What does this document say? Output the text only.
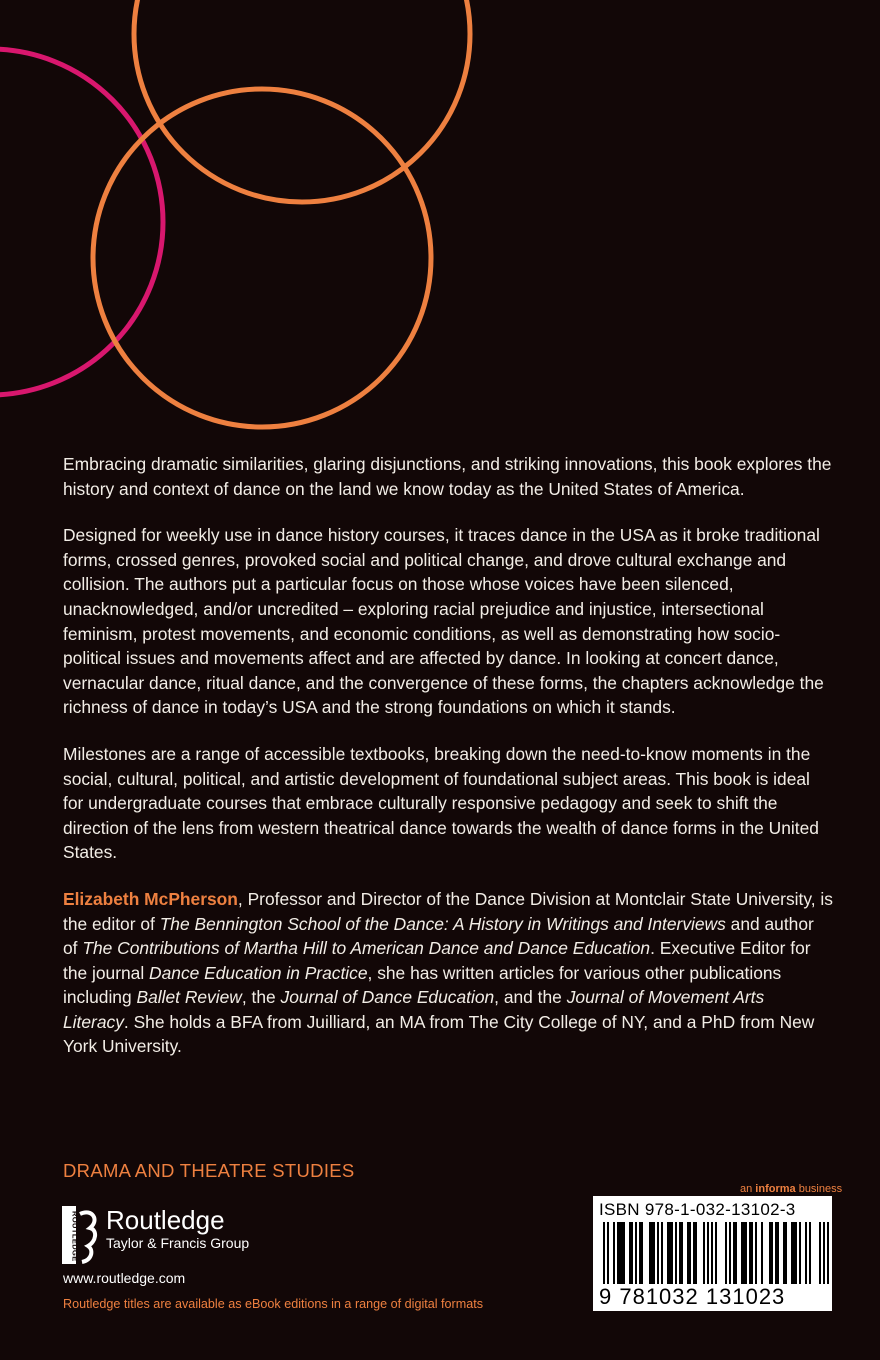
Embracing dramatic similarities, glaring disjunctions, and striking innovations, this book explores the history and context of dance on the land we know today as the United States of America.

Designed for weekly use in dance history courses, it traces dance in the USA as it broke traditional forms, crossed genres, provoked social and political change, and drove cultural exchange and collision. The authors put a particular focus on those whose voices have been silenced, unacknowledged, and/or uncredited – exploring racial prejudice and injustice, intersectional feminism, protest movements, and economic conditions, as well as demonstrating how socio-political issues and movements affect and are affected by dance. In looking at concert dance, vernacular dance, ritual dance, and the convergence of these forms, the chapters acknowledge the richness of dance in today’s USA and the strong foundations on which it stands.

Milestones are a range of accessible textbooks, breaking down the need-to-know moments in the social, cultural, political, and artistic development of foundational subject areas. This book is ideal for undergraduate courses that embrace culturally responsive pedagogy and seek to shift the direction of the lens from western theatrical dance towards the wealth of dance forms in the United States.

Elizabeth McPherson, Professor and Director of the Dance Division at Montclair State University, is the editor of The Bennington School of the Dance: A History in Writings and Interviews and author of The Contributions of Martha Hill to American Dance and Dance Education. Executive Editor for the journal Dance Education in Practice, she has written articles for various other publications including Ballet Review, the Journal of Dance Education, and the Journal of Movement Arts Literacy. She holds a BFA from Juilliard, an MA from The City College of NY, and a PhD from New York University.

DRAMA AND THEATRE STUDIES
ROUTLEDGE Routledge
Taylor & Francis Group
www.routledge.com
Routledge titles are available as eBook editions in a range of digital formats
an informa business
ISBN 978-1-032-13102-3
9 781032 131023
